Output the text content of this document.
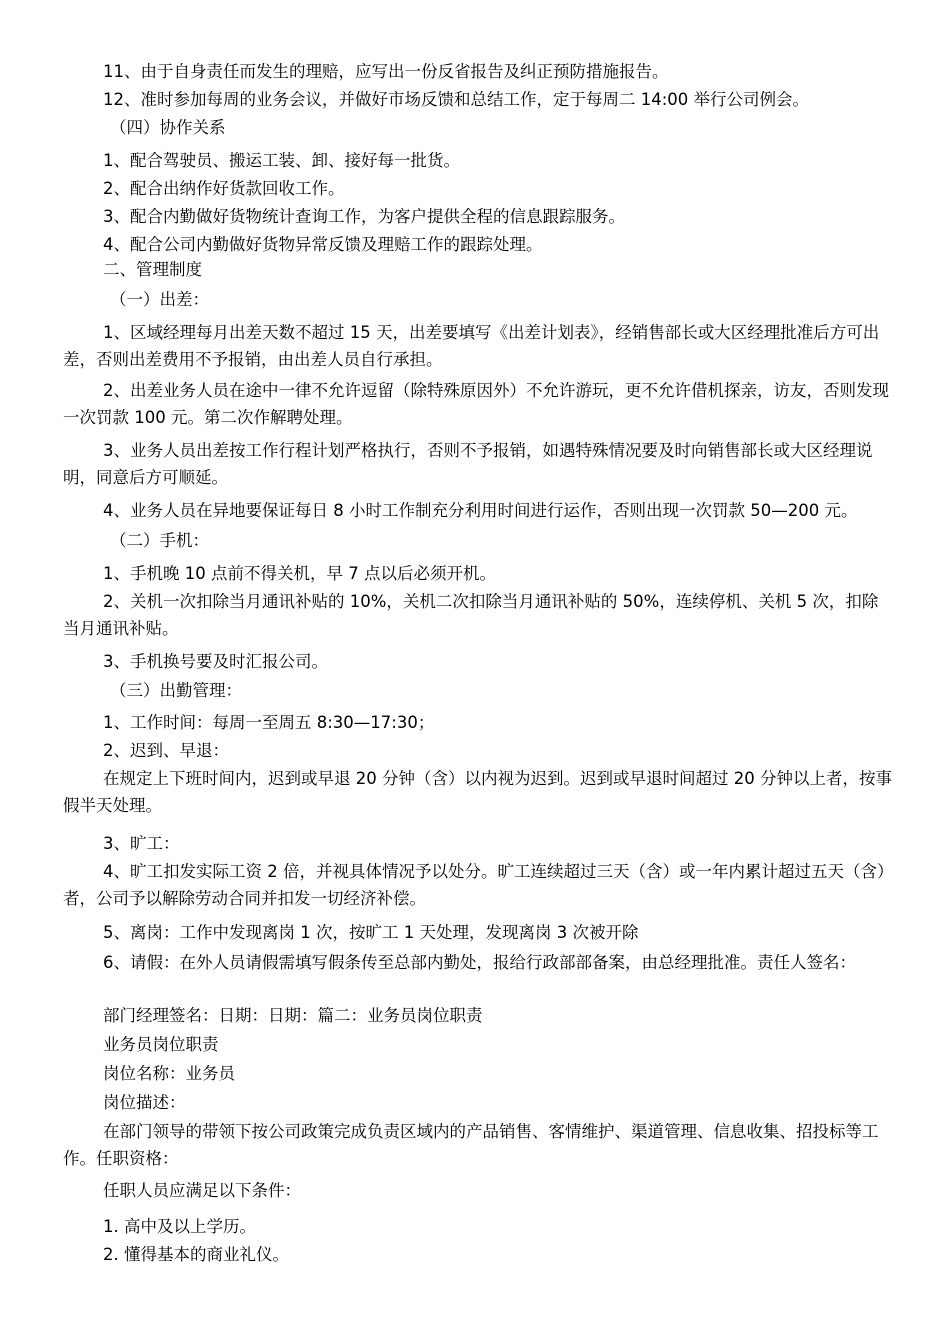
11、由于自身责任而发生的理赔，应写出一份反省报告及纠正预防措施报告。
12、准时参加每周的业务会议，并做好市场反馈和总结工作，定于每周二 14:00 举行公司例会。
（四）协作关系
1、配合驾驶员、搬运工装、卸、接好每一批货。
2、配合出纳作好货款回收工作。
3、配合内勤做好货物统计查询工作，为客户提供全程的信息跟踪服务。
4、配合公司内勤做好货物异常反馈及理赔工作的跟踪处理。
二、管理制度
（一）出差：
1、区域经理每月出差天数不超过 15 天，出差要填写《出差计划表》，经销售部长或大区经理批准后方可出差，否则出差费用不予报销，由出差人员自行承担。
2、出差业务人员在途中一律不允许逗留（除特殊原因外）不允许游玩，更不允许借机探亲，访友，否则发现一次罚款 100 元。第二次作解聘处理。
3、业务人员出差按工作行程计划严格执行，否则不予报销，如遇特殊情况要及时向销售部长或大区经理说明，同意后方可顺延。
4、业务人员在异地要保证每日 8 小时工作制充分利用时间进行运作，否则出现一次罚款 50—200 元。
（二）手机：
1、手机晚 10 点前不得关机，早 7 点以后必须开机。
2、关机一次扣除当月通讯补贴的 10%，关机二次扣除当月通讯补贴的 50%，连续停机、关机 5 次，扣除当月通讯补贴。
3、手机换号要及时汇报公司。
（三）出勤管理：
1、工作时间：每周一至周五 8:30—17:30；
2、迟到、早退：
在规定上下班时间内，迟到或早退 20 分钟（含）以内视为迟到。迟到或早退时间超过 20 分钟以上者，按事假半天处理。
3、旷工：
4、旷工扣发实际工资 2 倍，并视具体情况予以处分。旷工连续超过三天（含）或一年内累计超过五天（含）者，公司予以解除劳动合同并扣发一切经济补偿。
5、离岗：工作中发现离岗 1 次，按旷工 1 天处理，发现离岗 3 次被开除
6、请假：在外人员请假需填写假条传至总部内勤处，报给行政部部备案，由总经理批准。责任人签名：
部门经理签名：日期：日期：篇二：业务员岗位职责
业务员岗位职责
岗位名称：业务员
岗位描述：
在部门领导的带领下按公司政策完成负责区域内的产品销售、客情维护、渠道管理、信息收集、招投标等工作。任职资格：
任职人员应满足以下条件：
1. 高中及以上学历。
2. 懂得基本的商业礼仪。
